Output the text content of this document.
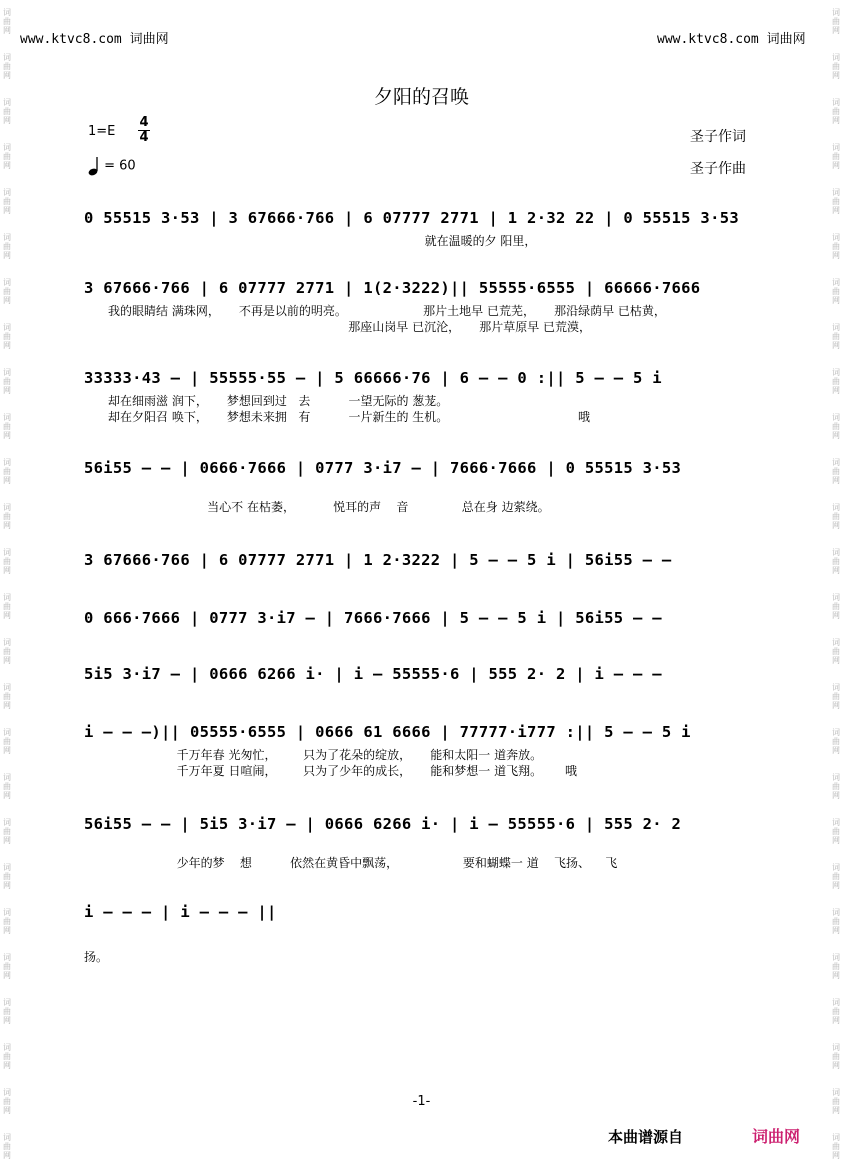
词
曲
网
词
曲
网
词
曲
网
词
曲
网
词
曲
网
词
曲
网
词
曲
网
词
曲
网
词
曲
网
词
曲
网
词
曲
网
词
曲
网
词
曲
网
词
曲
网
词
曲
网
词
曲
网
词
曲
网
词
曲
网
词
曲
网
词
曲
网
词
曲
网
词
曲
网
词
曲
网
词
曲
网
词
曲
网
词
曲
网
词
曲
网
词
曲
网
词
曲
网
词
曲
网
词
曲
网
词
曲
网
词
曲
网
词
曲
网
词
曲
网
词
曲
网
词
曲
网
词
曲
网
词
曲
网
词
曲
网
词
曲
网
词
曲
网
词
曲
网
词
曲
网
词
曲
网
词
曲
网
词
曲
网
词
曲
网
词
曲
网
词
曲
网
词
曲
网
词
曲
网
www.ktvc8.com 词曲网	www.ktvc8.com 词曲网
夕阳的召唤
1=E
4
4
= 60
圣子作词
圣子作曲
0 55515 3·53 | 3 67666·766 | 6 07777 2771 | 1 2·32 22 | 0 55515 3·53
就在温暖的夕 阳里，
3 67666·766 | 6 07777 2771 | 1(2·3222)|| 55555·6555 | 66666·7666
我的眼睛结 满珠网，     不再是以前的明亮。                    那片土地早 已荒芜，     那沿绿荫早 已枯黄，
那座山岗早 已沉沦，     那片草原早 已荒漠，
33333·43 – | 55555·55 – | 5 66666·76 | 6 – – 0 :|| 5 – – 5 i
却在细雨滋 润下，     梦想回到过   去          一望无际的 葱茏。
却在夕阳召 唤下，     梦想未来拥   有          一片新生的 生机。                                  哦
56i55 – – | 0666·7666 | 0777 3·i7 – | 7666·7666 | 0 55515 3·53
当心不 在枯萎，          悦耳的声    音              总在身 边萦绕。
3 67666·766 | 6 07777 2771 | 1 2·3222 | 5 – – 5 i | 56i55 – –
0 666·7666 | 0777 3·i7 – | 7666·7666 | 5 – – 5 i | 56i55 – –
5i5 3·i7 – | 0666 6266 i· | i – 55555·6 | 555 2· 2 | i – – –
i – – –)|| 05555·6555 | 0666 61 6666 | 77777·i777 :|| 5 – – 5 i
千万年春 光匆忙，       只为了花朵的绽放，     能和太阳一 道奔放。
千万年夏 日喧闹，       只为了少年的成长，     能和梦想一 道飞翔。      哦
56i55 – – | 5i5 3·i7 – | 0666 6266 i· | i – 55555·6 | 555 2· 2
少年的梦    想          依然在黄昏中飘荡，                 要和蝴蝶一 道    飞扬、    飞
i – – – | i – – – ||
扬。
-1-
本曲谱源自	词曲网
